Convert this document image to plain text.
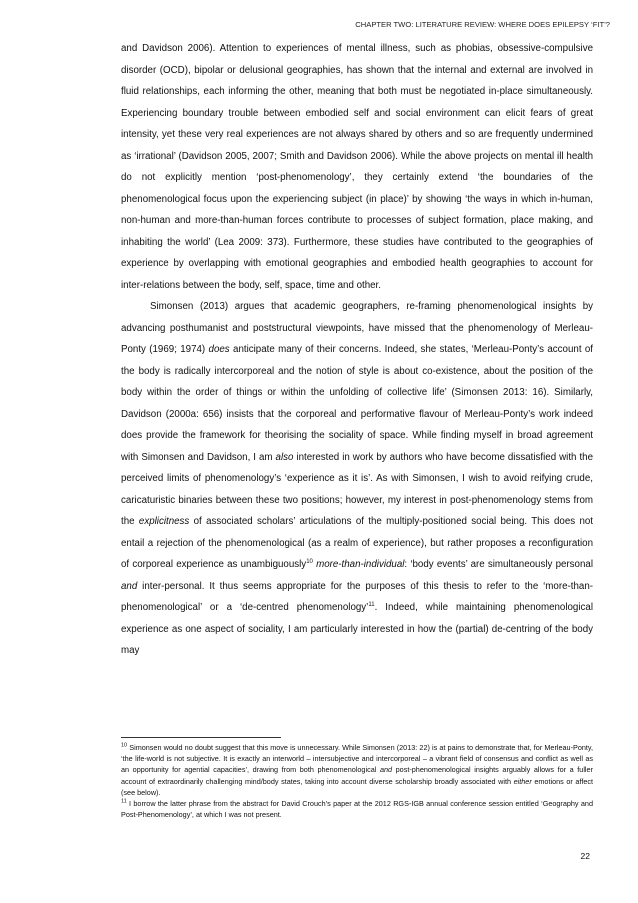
CHAPTER TWO: LITERATURE REVIEW: WHERE DOES EPILEPSY ‘FIT’?

and Davidson 2006). Attention to experiences of mental illness, such as phobias, obsessive-compulsive disorder (OCD), bipolar or delusional geographies, has shown that the internal and external are involved in fluid relationships, each informing the other, meaning that both must be negotiated in-place simultaneously. Experiencing boundary trouble between embodied self and social environment can elicit fears of great intensity, yet these very real experiences are not always shared by others and so are frequently undermined as ‘irrational’ (Davidson 2005, 2007; Smith and Davidson 2006). While the above projects on mental ill health do not explicitly mention ‘post-phenomenology’, they certainly extend ‘the boundaries of the phenomenological focus upon the experiencing subject (in place)’ by showing ‘the ways in which in-human, non-human and more-than-human forces contribute to processes of subject formation, place making, and inhabiting the world’ (Lea 2009: 373). Furthermore, these studies have contributed to the geographies of experience by overlapping with emotional geographies and embodied health geographies to account for inter-relations between the body, self, space, time and other.

Simonsen (2013) argues that academic geographers, re-framing phenomenological insights by advancing posthumanist and poststructural viewpoints, have missed that the phenomenology of Merleau-Ponty (1969; 1974) does anticipate many of their concerns. Indeed, she states, ‘Merleau-Ponty’s account of the body is radically intercorporeal and the notion of style is about co-existence, about the position of the body within the order of things or within the unfolding of collective life’ (Simonsen 2013: 16). Similarly, Davidson (2000a: 656) insists that the corporeal and performative flavour of Merleau-Ponty’s work indeed does provide the framework for theorising the sociality of space. While finding myself in broad agreement with Simonsen and Davidson, I am also interested in work by authors who have become dissatisfied with the perceived limits of phenomenology’s ‘experience as it is’. As with Simonsen, I wish to avoid reifying crude, caricaturistic binaries between these two positions; however, my interest in post-phenomenology stems from the explicitness of associated scholars’ articulations of the multiply-positioned social being. This does not entail a rejection of the phenomenological (as a realm of experience), but rather proposes a reconfiguration of corporeal experience as unambiguously$^{10}$ more-than-individual: ‘body events’ are simultaneously personal and inter-personal. It thus seems appropriate for the purposes of this thesis to refer to the ‘more-than-phenomenological’ or a ‘de-centred phenomenology’$^{11}$. Indeed, while maintaining phenomenological experience as one aspect of sociality, I am particularly interested in how the (partial) de-centring of the body may

$^{10}$ Simonsen would no doubt suggest that this move is unnecessary. While Simonsen (2013: 22) is at pains to demonstrate that, for Merleau-Ponty, ‘the life-world is not subjective. It is exactly an interworld – intersubjective and intercorporeal – a vibrant field of consensus and conflict as well as an opportunity for agential capacities’, drawing from both phenomenological and post-phenomenological insights arguably allows for a fuller account of extraordinarily challenging mind/body states, taking into account diverse scholarship broadly associated with either emotions or affect (see below).

$^{11}$ I borrow the latter phrase from the abstract for David Crouch’s paper at the 2012 RGS-IGB annual conference session entitled ‘Geography and Post-Phenomenology’, at which I was not present.

22
